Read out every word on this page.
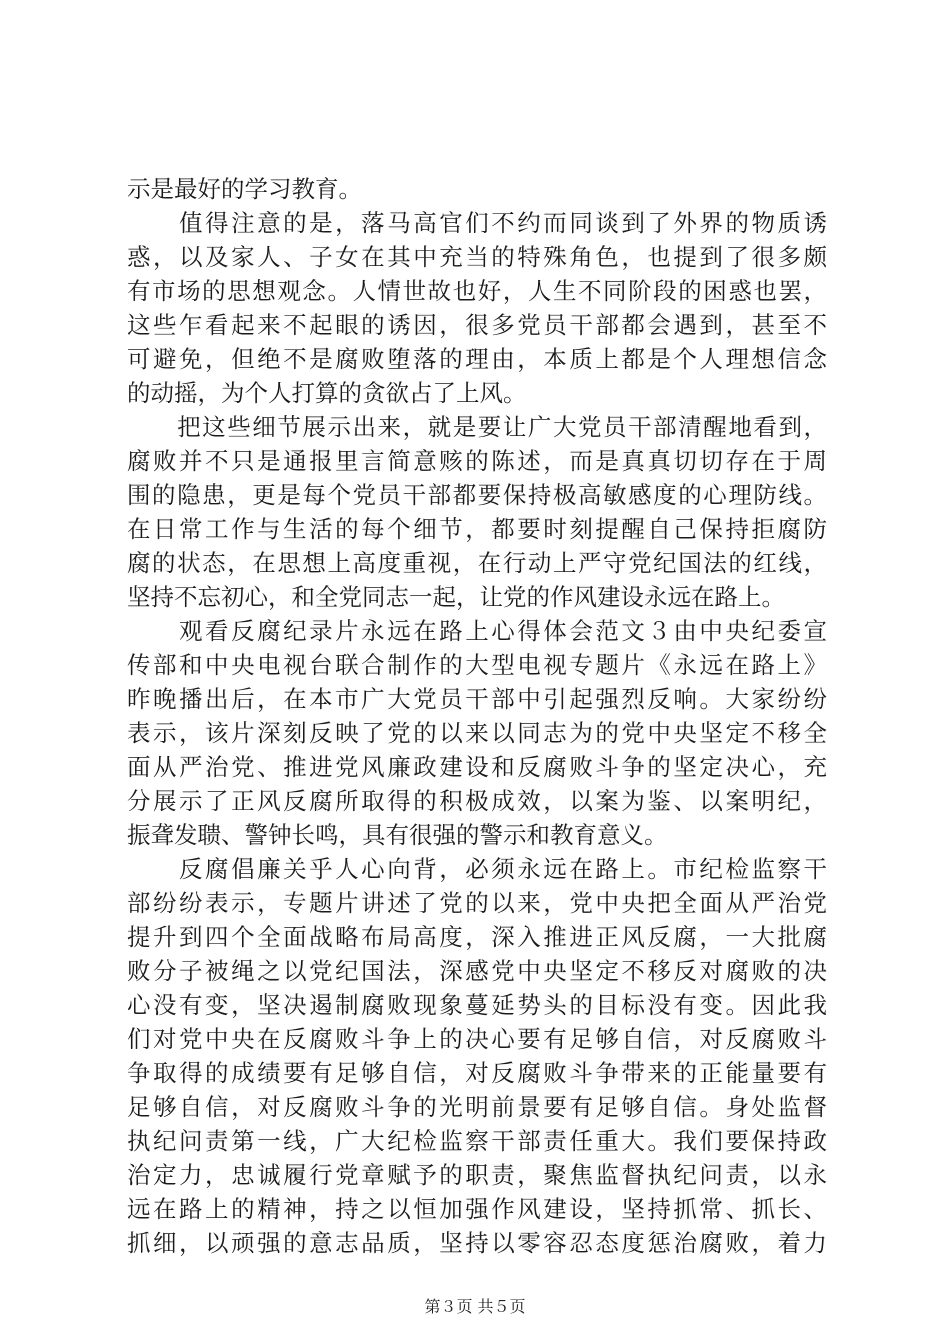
示是最好的学习教育。
　　值得注意的是，落马高官们不约而同谈到了外界的物质诱
惑，以及家人、子女在其中充当的特殊角色，也提到了很多颇
有市场的思想观念。人情世故也好，人生不同阶段的困惑也罢，
这些乍看起来不起眼的诱因，很多党员干部都会遇到，甚至不
可避免，但绝不是腐败堕落的理由，本质上都是个人理想信念
的动摇，为个人打算的贪欲占了上风。
　　把这些细节展示出来，就是要让广大党员干部清醒地看到，
腐败并不只是通报里言简意赅的陈述，而是真真切切存在于周
围的隐患，更是每个党员干部都要保持极高敏感度的心理防线。
在日常工作与生活的每个细节，都要时刻提醒自己保持拒腐防
腐的状态，在思想上高度重视，在行动上严守党纪国法的红线，
坚持不忘初心，和全党同志一起，让党的作风建设永远在路上。
　　观看反腐纪录片永远在路上心得体会范文３由中央纪委宣
传部和中央电视台联合制作的大型电视专题片《永远在路上》
昨晚播出后，在本市广大党员干部中引起强烈反响。大家纷纷
表示，该片深刻反映了党的以来以同志为的党中央坚定不移全
面从严治党、推进党风廉政建设和反腐败斗争的坚定决心，充
分展示了正风反腐所取得的积极成效，以案为鉴、以案明纪，
振聋发聩、警钟长鸣，具有很强的警示和教育意义。
　　反腐倡廉关乎人心向背，必须永远在路上。市纪检监察干
部纷纷表示，专题片讲述了党的以来，党中央把全面从严治党
提升到四个全面战略布局高度，深入推进正风反腐，一大批腐
败分子被绳之以党纪国法，深感党中央坚定不移反对腐败的决
心没有变，坚决遏制腐败现象蔓延势头的目标没有变。因此我
们对党中央在反腐败斗争上的决心要有足够自信，对反腐败斗
争取得的成绩要有足够自信，对反腐败斗争带来的正能量要有
足够自信，对反腐败斗争的光明前景要有足够自信。身处监督
执纪问责第一线，广大纪检监察干部责任重大。我们要保持政
治定力，忠诚履行党章赋予的职责，聚焦监督执纪问责，以永
远在路上的精神，持之以恒加强作风建设，坚持抓常、抓长、
抓细，以顽强的意志品质，坚持以零容忍态度惩治腐败，着力
第３页 共５页
